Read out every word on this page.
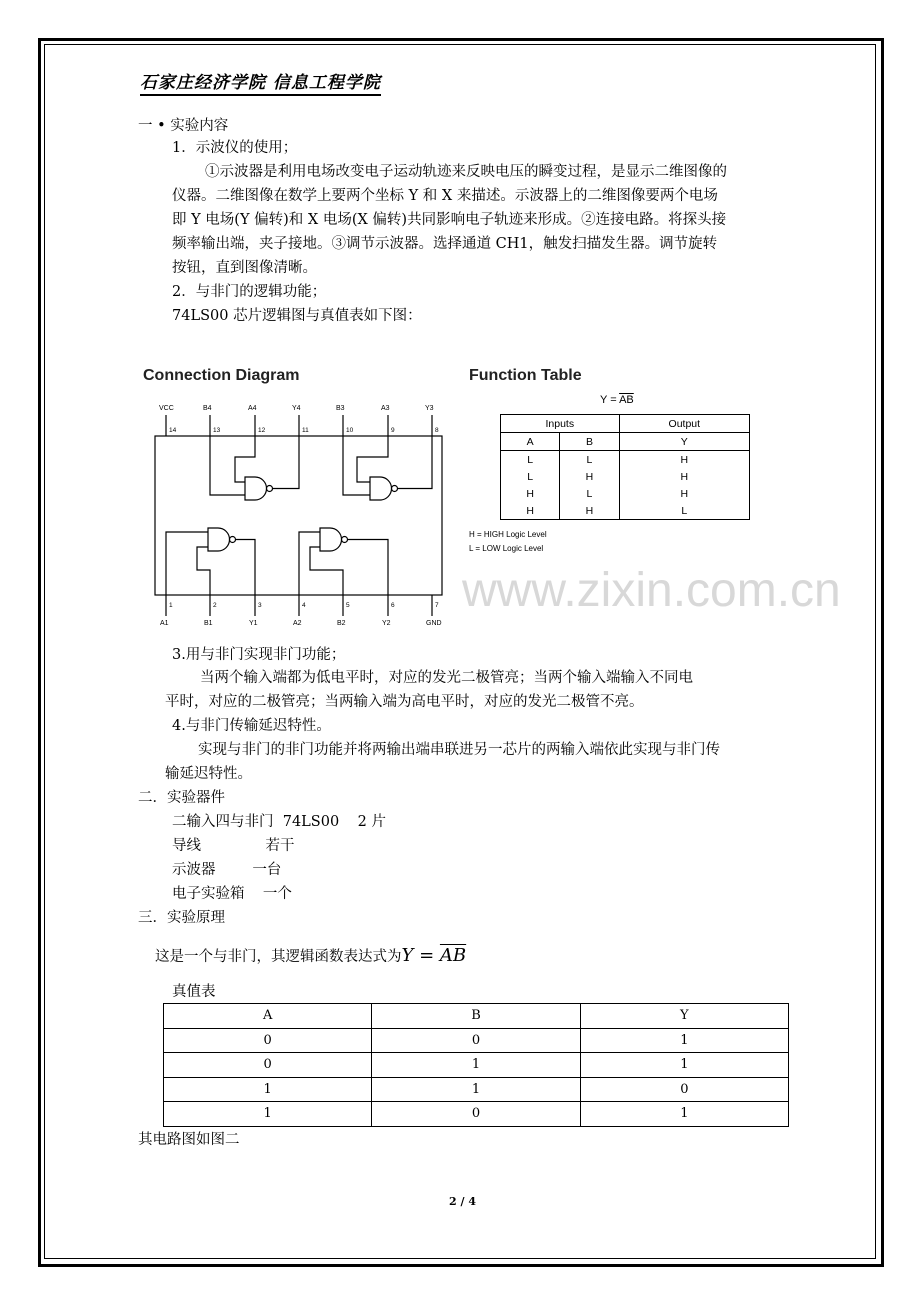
石家庄经济学院 信息工程学院
一 • 实验内容
1．示波仪的使用；
①示波器是利用电场改变电子运动轨迹来反映电压的瞬变过程，是显示二维图像的
仪器。二维图像在数学上要两个坐标 Y 和 X 来描述。示波器上的二维图像要两个电场
即 Y 电场(Y 偏转)和 X 电场(X 偏转)共同影响电子轨迹来形成。②连接电路。将探头接
频率输出端，夹子接地。③调节示波器。选择通道 CH1，触发扫描发生器。调节旋转
按钮，直到图像清晰。
2．与非门的逻辑功能；
74LS00 芯片逻辑图与真值表如下图：
Connection Diagram
VCC
14
1
A1
B4
13
2
B1
A4
12
3
Y1
Y4
11
4
A2
B3
10
5
B2
A3
9
6
Y2
Y3
8
7
GND
Function Table
$Y = \overline{AB}$
Inputs		Output
A	B	Y
L	L	H
L	H	H
H	L	H
H	H	L
H = HIGH Logic Level
L = LOW Logic Level
www.zixin.com.cn
3.用与非门实现非门功能；
当两个输入端都为低电平时，对应的发光二极管亮；当两个输入端输入不同电
平时，对应的二极管亮；当两输入端为高电平时，对应的发光二极管不亮。
4.与非门传输延迟特性。
实现与非门的非门功能并将两输出端串联进另一芯片的两输入端依此实现与非门传
输延迟特性。
二．实验器件
二输入四与非门  74LS00    2 片
导线              若干
示波器        一台
电子实验箱    一个
三．实验原理
这是一个与非门，其逻辑函数表达式为$Y = \overline{AB}$
真值表
A	B	Y
0	0	1
0	1	1
1	1	0
1	0	1
其电路图如图二
2 / 4
